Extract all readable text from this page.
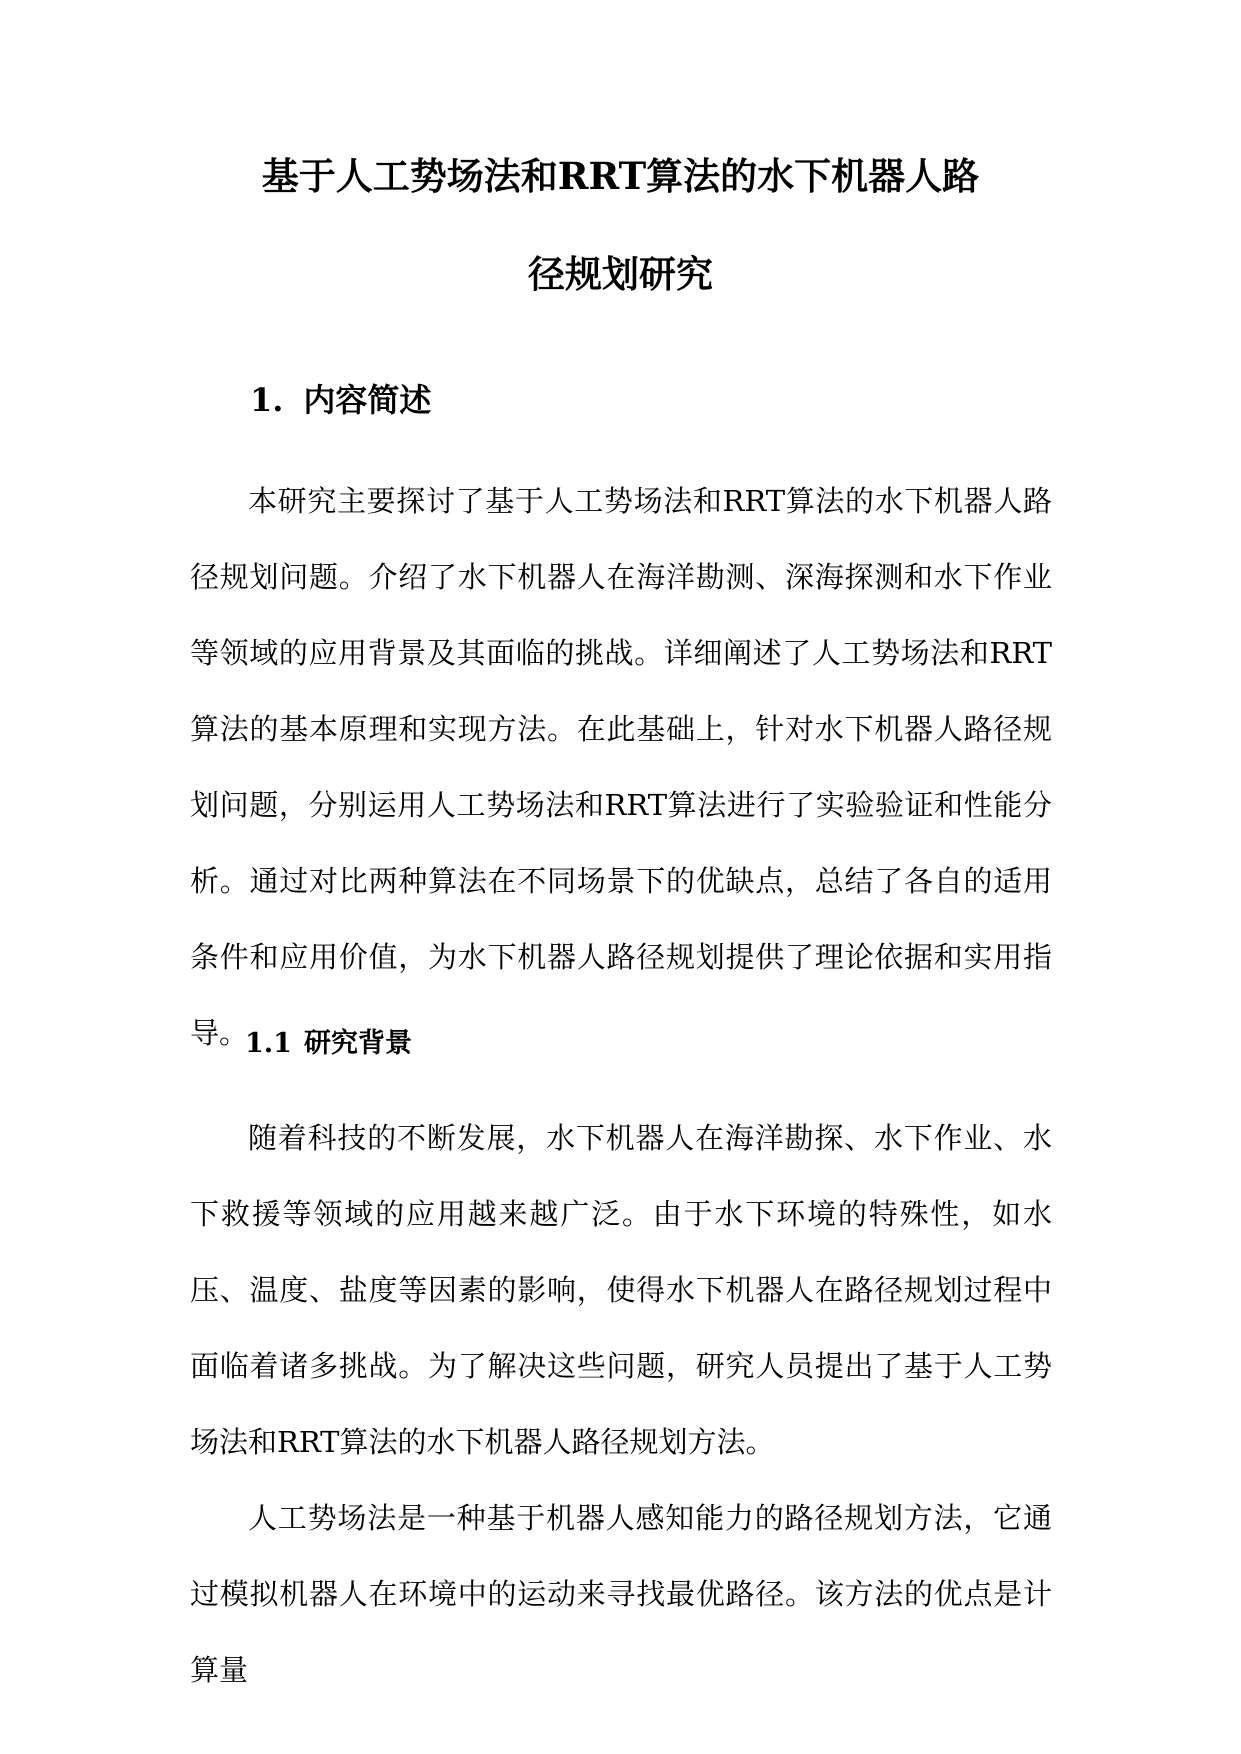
基于人工势场法和RRT算法的水下机器人路
径规划研究
1. 内容简述

本研究主要探讨了基于人工势场法和RRT算法的水下机器人路径规划问题。介绍了水下机器人在海洋勘测、深海探测和水下作业等领域的应用背景及其面临的挑战。详细阐述了人工势场法和RRT算法的基本原理和实现方法。在此基础上，针对水下机器人路径规划问题，分别运用人工势场法和RRT算法进行了实验验证和性能分析。通过对比两种算法在不同场景下的优缺点，总结了各自的适用条件和应用价值，为水下机器人路径规划提供了理论依据和实用指导。

1.1 研究背景

随着科技的不断发展，水下机器人在海洋勘探、水下作业、水下救援等领域的应用越来越广泛。由于水下环境的特殊性，如水压、温度、盐度等因素的影响，使得水下机器人在路径规划过程中面临着诸多挑战。为了解决这些问题，研究人员提出了基于人工势场法和RRT算法的水下机器人路径规划方法。

人工势场法是一种基于机器人感知能力的路径规划方法，它通过模拟机器人在环境中的运动来寻找最优路径。该方法的优点是计算量
